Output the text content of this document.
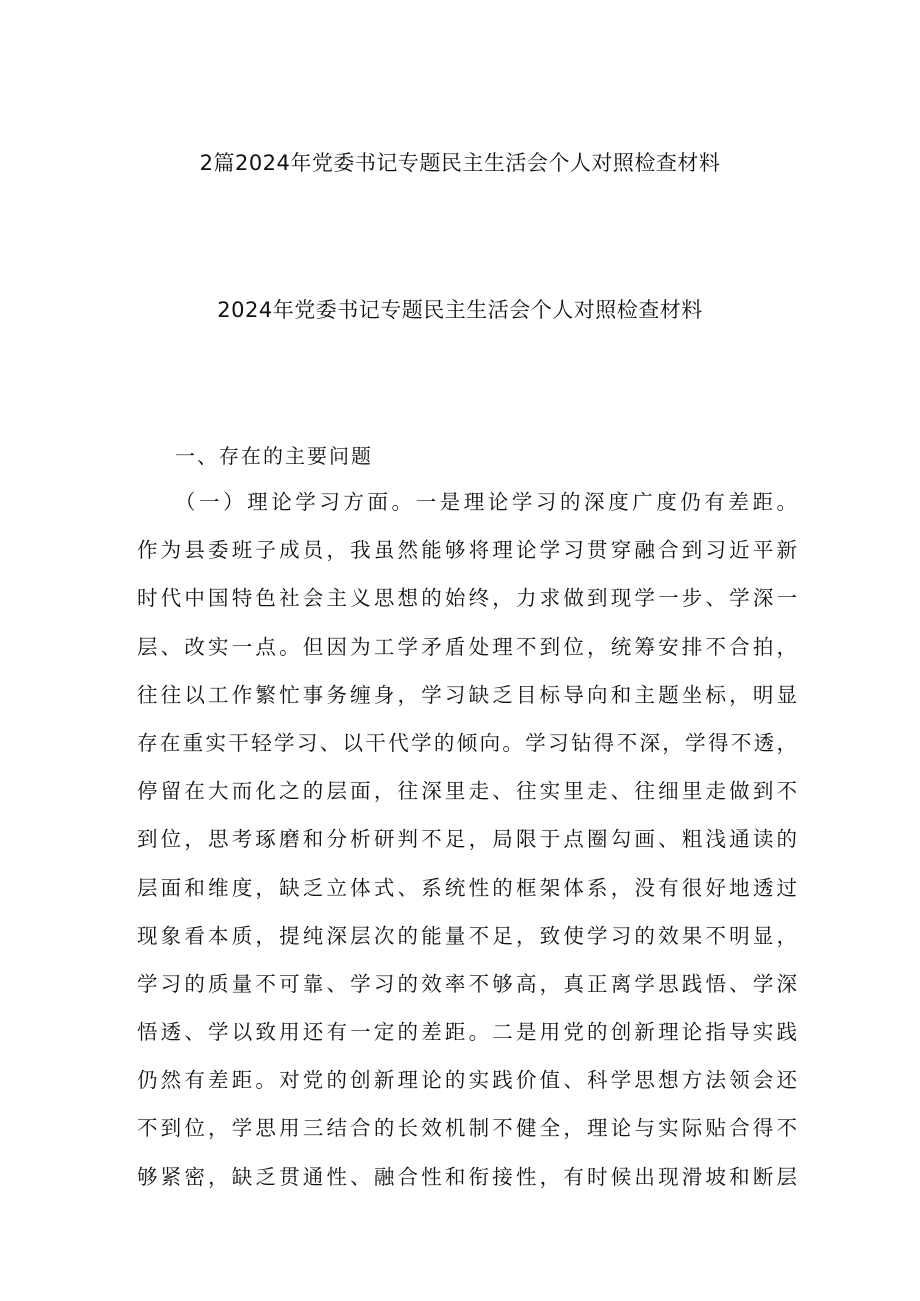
2篇2024年党委书记专题民主生活会个人对照检查材料
2024年党委书记专题民主生活会个人对照检查材料
一、存在的主要问题
（一）理论学习方面。一是理论学习的深度广度仍有差距。
作为县委班子成员，我虽然能够将理论学习贯穿融合到习近平新
时代中国特色社会主义思想的始终，力求做到现学一步、学深一
层、改实一点。但因为工学矛盾处理不到位，统筹安排不合拍，
往往以工作繁忙事务缠身，学习缺乏目标导向和主题坐标，明显
存在重实干轻学习、以干代学的倾向。学习钻得不深，学得不透，
停留在大而化之的层面，往深里走、往实里走、往细里走做到不
到位，思考琢磨和分析研判不足，局限于点圈勾画、粗浅通读的
层面和维度，缺乏立体式、系统性的框架体系，没有很好地透过
现象看本质，提纯深层次的能量不足，致使学习的效果不明显，
学习的质量不可靠、学习的效率不够高，真正离学思践悟、学深
悟透、学以致用还有一定的差距。二是用党的创新理论指导实践
仍然有差距。对党的创新理论的实践价值、科学思想方法领会还
不到位，学思用三结合的长效机制不健全，理论与实际贴合得不
够紧密，缺乏贯通性、融合性和衔接性，有时候出现滑坡和断层
